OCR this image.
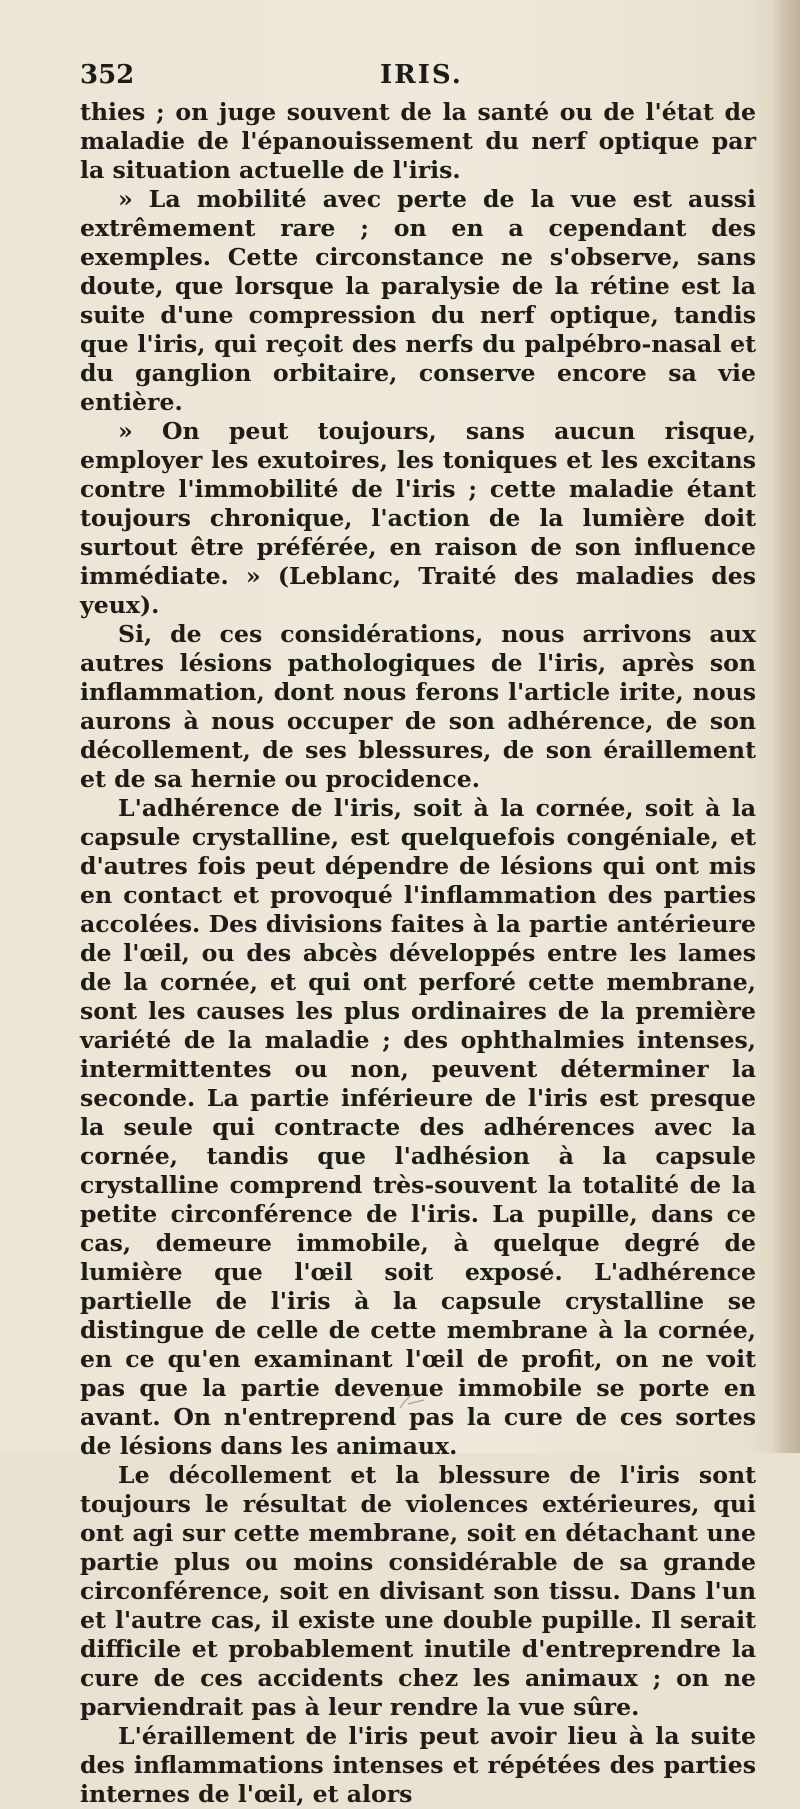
352	IRIS.

thies ; on juge souvent de la santé ou de l'état de maladie de l'épanouissement du nerf optique par la situation actuelle de l'iris.

» La mobilité avec perte de la vue est aussi extrêmement rare ; on en a cependant des exemples. Cette circonstance ne s'observe, sans doute, que lorsque la paralysie de la rétine est la suite d'une compression du nerf optique, tandis que l'iris, qui reçoit des nerfs du palpébro-nasal et du ganglion orbitaire, conserve encore sa vie entière.

» On peut toujours, sans aucun risque, employer les exutoires, les toniques et les excitans contre l'immobilité de l'iris ; cette maladie étant toujours chronique, l'action de la lumière doit surtout être préférée, en raison de son influence immédiate. » (Leblanc, Traité des maladies des yeux).

Si, de ces considérations, nous arrivons aux autres lésions pathologiques de l'iris, après son inflammation, dont nous ferons l'article irite, nous aurons à nous occuper de son adhérence, de son décollement, de ses blessures, de son éraillement et de sa hernie ou procidence.

L'adhérence de l'iris, soit à la cornée, soit à la capsule crystalline, est quelquefois congéniale, et d'autres fois peut dépendre de lésions qui ont mis en contact et provoqué l'inflammation des parties accolées. Des divisions faites à la partie antérieure de l'œil, ou des abcès développés entre les lames de la cornée, et qui ont perforé cette membrane, sont les causes les plus ordinaires de la première variété de la maladie ; des ophthalmies intenses, intermittentes ou non, peuvent déterminer la seconde. La partie inférieure de l'iris est presque la seule qui contracte des adhérences avec la cornée, tandis que l'adhésion à la capsule crystalline comprend très-souvent la totalité de la petite circonférence de l'iris. La pupille, dans ce cas, demeure immobile, à quelque degré de lumière que l'œil soit exposé. L'adhérence partielle de l'iris à la capsule crystalline se distingue de celle de cette membrane à la cornée, en ce qu'en examinant l'œil de profit, on ne voit pas que la partie devenue immobile se porte en avant. On n'entreprend pas la cure de ces sortes de lésions dans les animaux.

Le décollement et la blessure de l'iris sont toujours le résultat de violences extérieures, qui ont agi sur cette membrane, soit en détachant une partie plus ou moins considérable de sa grande circonférence, soit en divisant son tissu. Dans l'un et l'autre cas, il existe une double pupille. Il serait difficile et probablement inutile d'entreprendre la cure de ces accidents chez les animaux ; on ne parviendrait pas à leur rendre la vue sûre.

L'éraillement de l'iris peut avoir lieu à la suite des inflammations intenses et répétées des parties internes de l'œil, et alors
